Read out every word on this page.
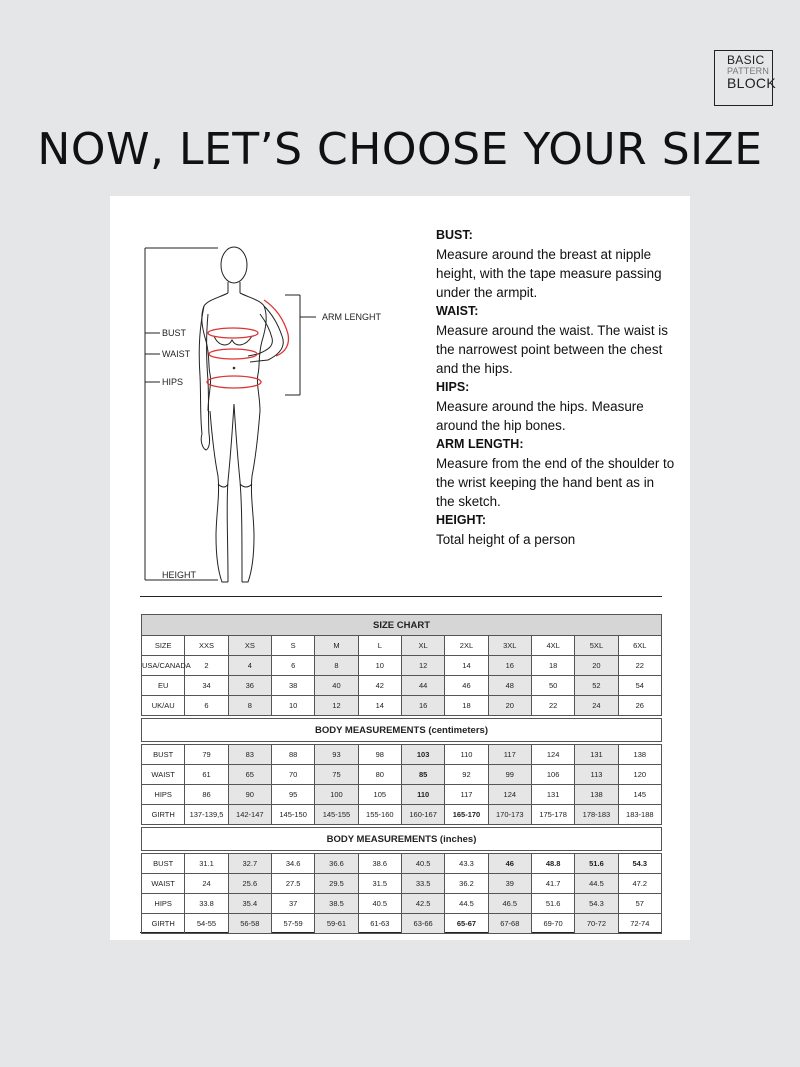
BASIC
PATTERN
BLOCK
NOW, LET’S CHOOSE YOUR SIZE
BUST
WAIST
HIPS
HEIGHT
ARM LENGHT

BUST:

Measure around the breast at nipple height, with the tape measure passing under the armpit.

WAIST:

Measure around the waist. The waist is the narrowest point between the chest and the hips.

HIPS:

Measure around the hips. Measure around the hip bones.

ARM LENGTH:

Measure from the end of the shoulder to the wrist keeping the hand bent as in the sketch.

HEIGHT:

Total height of a person

SIZE CHART											
SIZE	XXS	XS	S	M	L	XL	2XL	3XL	4XL	5XL	6XL
USA/CANADA	2	4	6	8	10	12	14	16	18	20	22
EU	34	36	38	40	42	44	46	48	50	52	54
UK/AU	6	8	10	12	14	16	18	20	22	24	26

BODY MEASUREMENTS (centimeters)											

BUST	79	83	88	93	98	103	110	117	124	131	138
WAIST	61	65	70	75	80	85	92	99	106	113	120
HIPS	86	90	95	100	105	110	117	124	131	138	145
GIRTH	137-139,5	142-147	145-150	145-155	155-160	160-167	165-170	170-173	175-178	178-183	183-188

BODY MEASUREMENTS (inches)											

BUST	31.1	32.7	34.6	36.6	38.6	40.5	43.3	46	48.8	51.6	54.3
WAIST	24	25.6	27.5	29.5	31.5	33.5	36.2	39	41.7	44.5	47.2
HIPS	33.8	35.4	37	38.5	40.5	42.5	44.5	46.5	51.6	54.3	57
GIRTH	54-55	56-58	57-59	59-61	61-63	63-66	65-67	67-68	69-70	70-72	72-74
